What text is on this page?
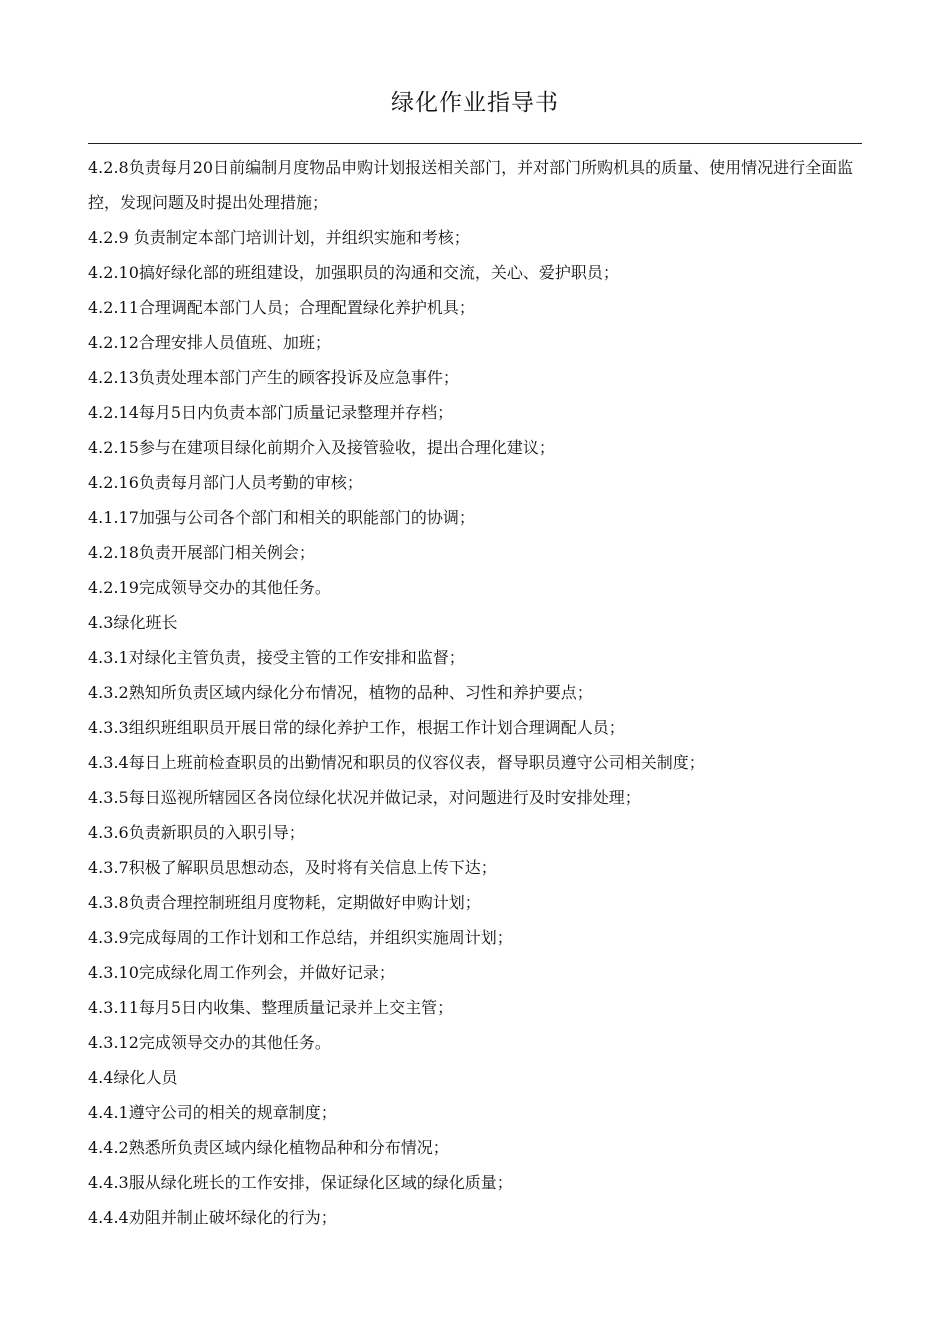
绿化作业指导书
4.2.8负责每月20日前编制月度物品申购计划报送相关部门，并对部门所购机具的质量、使用情况进行全面监控，发现问题及时提出处理措施；
4.2.9 负责制定本部门培训计划，并组织实施和考核；
4.2.10搞好绿化部的班组建设，加强职员的沟通和交流，关心、爱护职员；
4.2.11合理调配本部门人员；合理配置绿化养护机具；
4.2.12合理安排人员值班、加班；
4.2.13负责处理本部门产生的顾客投诉及应急事件；
4.2.14每月5日内负责本部门质量记录整理并存档；
4.2.15参与在建项目绿化前期介入及接管验收，提出合理化建议；
4.2.16负责每月部门人员考勤的审核；
4.1.17加强与公司各个部门和相关的职能部门的协调；
4.2.18负责开展部门相关例会；
4.2.19完成领导交办的其他任务。
4.3绿化班长
4.3.1对绿化主管负责，接受主管的工作安排和监督；
4.3.2熟知所负责区域内绿化分布情况，植物的品种、习性和养护要点；
4.3.3组织班组职员开展日常的绿化养护工作，根据工作计划合理调配人员；
4.3.4每日上班前检查职员的出勤情况和职员的仪容仪表，督导职员遵守公司相关制度；
4.3.5每日巡视所辖园区各岗位绿化状况并做记录，对问题进行及时安排处理；
4.3.6负责新职员的入职引导；
4.3.7积极了解职员思想动态，及时将有关信息上传下达；
4.3.8负责合理控制班组月度物耗，定期做好申购计划；
4.3.9完成每周的工作计划和工作总结，并组织实施周计划；
4.3.10完成绿化周工作列会，并做好记录；
4.3.11每月5日内收集、整理质量记录并上交主管；
4.3.12完成领导交办的其他任务。
4.4绿化人员
4.4.1遵守公司的相关的规章制度；
4.4.2熟悉所负责区域内绿化植物品种和分布情况；
4.4.3服从绿化班长的工作安排，保证绿化区域的绿化质量；
4.4.4劝阻并制止破坏绿化的行为；
